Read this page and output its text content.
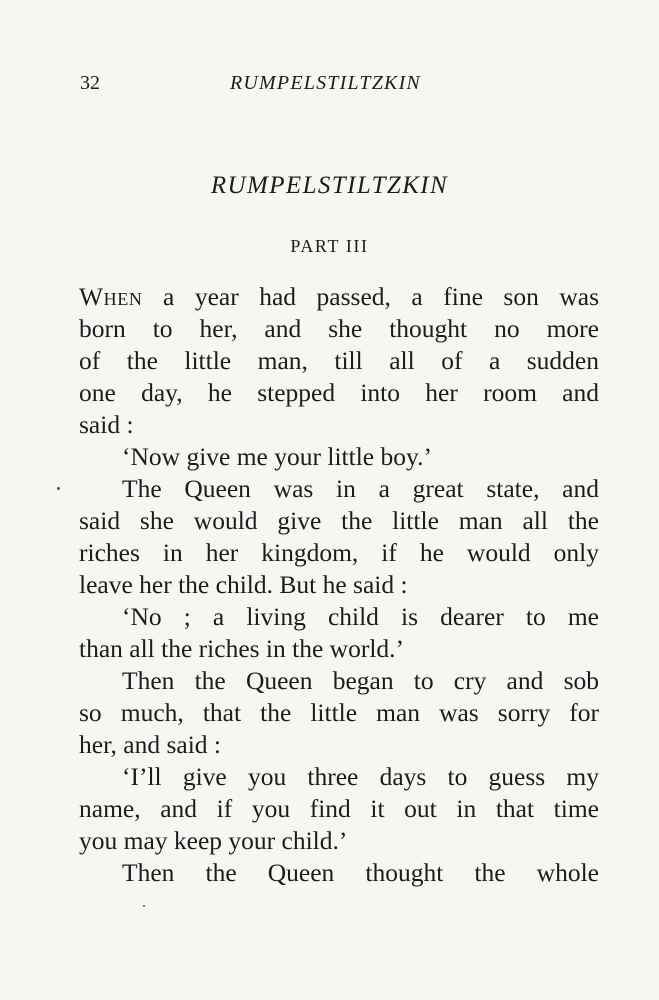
32	RUMPELSTILTZKIN
RUMPELSTILTZKIN
PART III
When a year had passed, a fine son was
born to her, and she thought no more
of the little man, till all of a sudden
one day, he stepped into her room and
said :
‘Now give me your little boy.’
The Queen was in a great state, and
said she would give the little man all the
riches in her kingdom, if he would only
leave her the child. But he said :
‘No ; a living child is dearer to me
than all the riches in the world.’
Then the Queen began to cry and sob
so much, that the little man was sorry for
her, and said :
‘I’ll give you three days to guess my
name, and if you find it out in that time
you may keep your child.’
Then the Queen thought the whole
